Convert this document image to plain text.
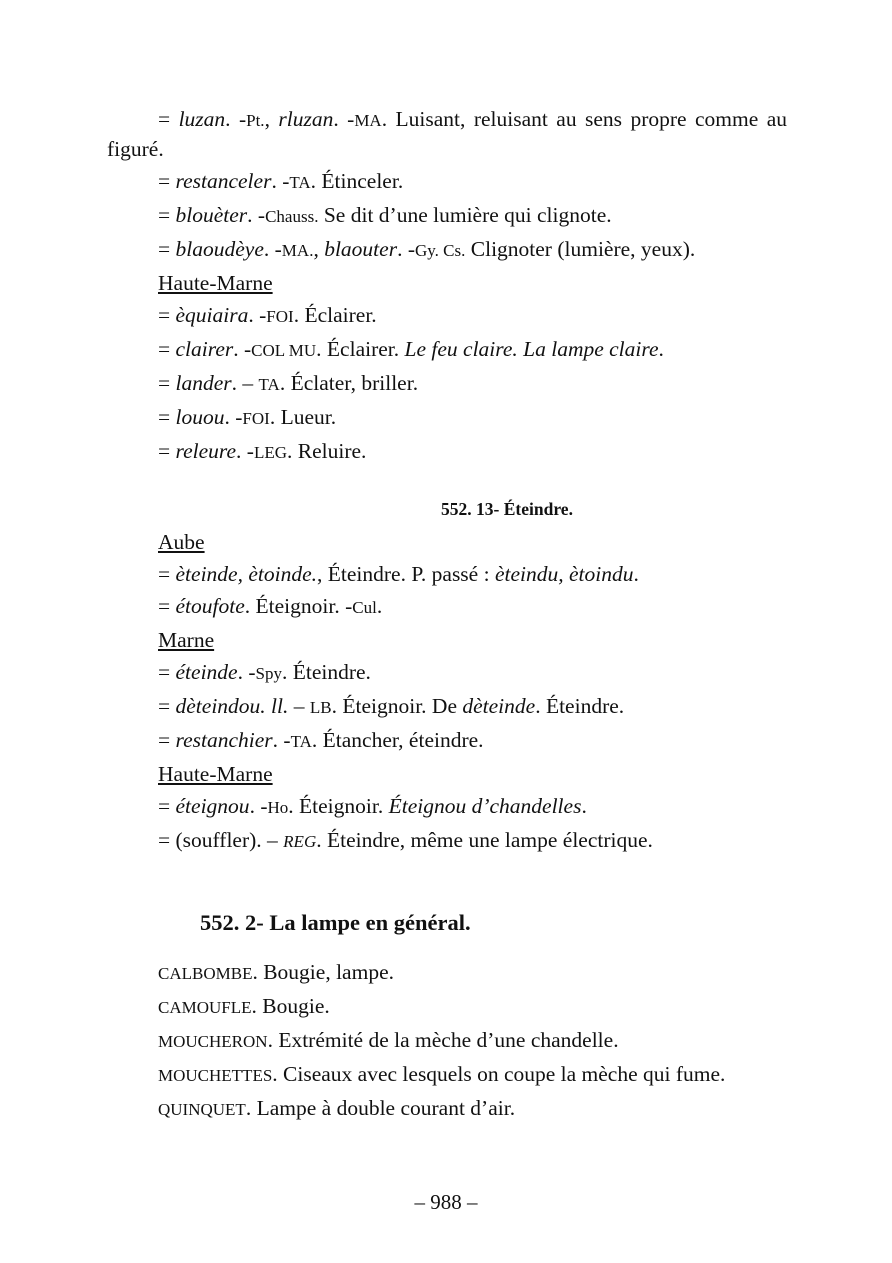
= luzan. -Pt., rluzan. -MA. Luisant, reluisant au sens propre comme au figuré.
= restanceler. -TA. Étinceler.
= blouèter. -Chauss. Se dit d’une lumière qui clignote.
= blaoudèye. -MA., blaouter. -Gy. Cs. Clignoter (lumière, yeux).
Haute-Marne
= èquiaira. -FOI. Éclairer.
= clairer. -COL MU. Éclairer. Le feu claire. La lampe claire.
= lander. – TA. Éclater, briller.
= louou. -FOI. Lueur.
= releure. -LEG. Reluire.
552. 13- Éteindre.
Aube
= èteinde, ètoinde., Éteindre. P. passé : èteindu, ètoindu.
= étoufote. Éteignoir. -Cul.
Marne
= éteinde. -Spy. Éteindre.
= dèteindou. ll. – LB. Éteignoir. De dèteinde. Éteindre.
= restanchier. -TA. Étancher, éteindre.
Haute-Marne
= éteignou. -Ho. Éteignoir. Éteignou d’chandelles.
= (souffler). – REG. Éteindre, même une lampe électrique.
552. 2- La lampe en général.
CALBOMBE. Bougie, lampe.
CAMOUFLE. Bougie.
MOUCHERON. Extrémité de la mèche d’une chandelle.
MOUCHETTES. Ciseaux avec lesquels on coupe la mèche qui fume.
QUINQUET. Lampe à double courant d’air.
– 988 –
